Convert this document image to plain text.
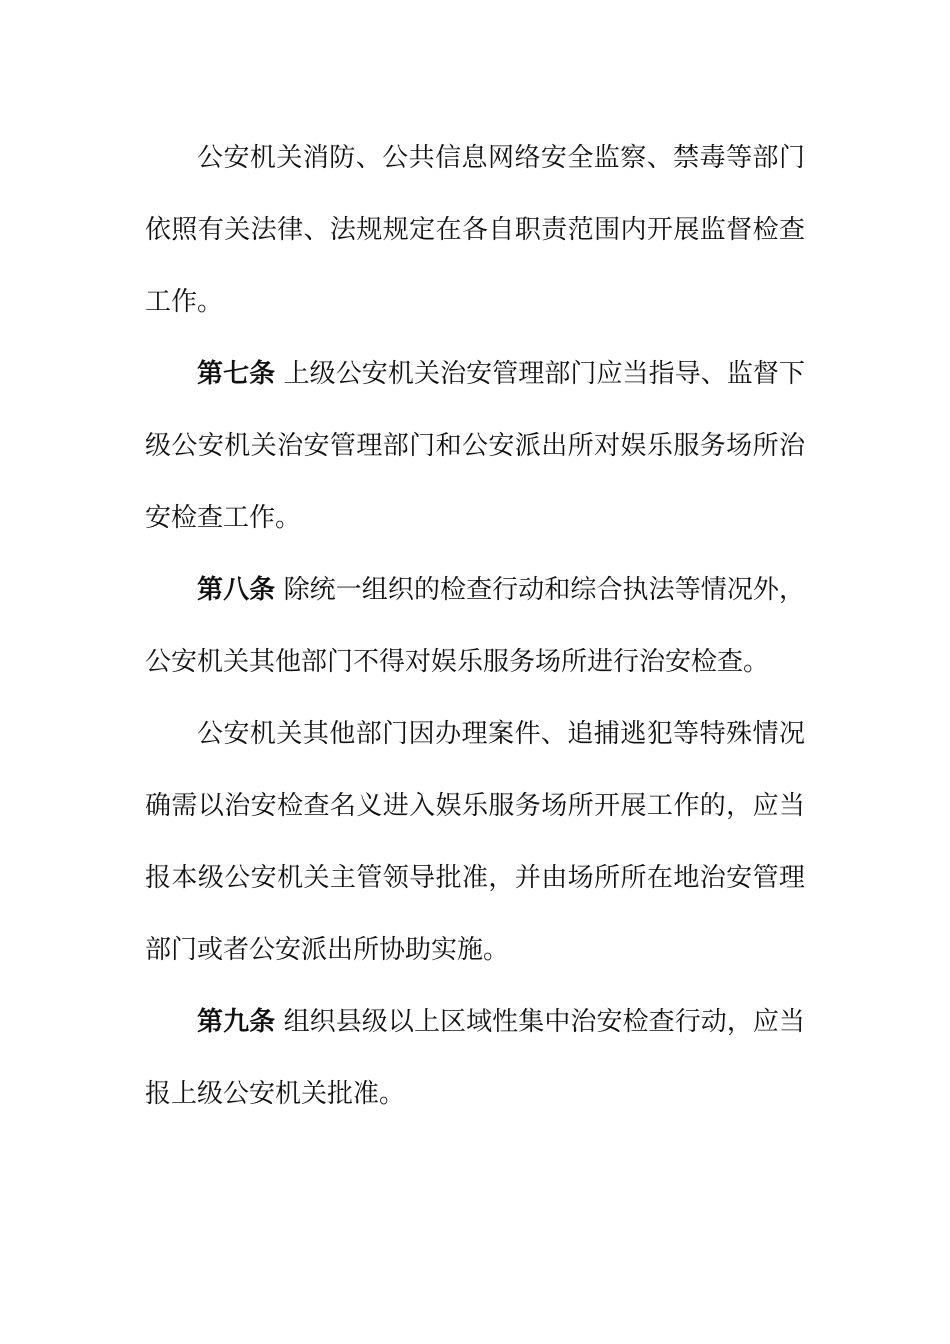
公安机关消防、公共信息网络安全监察、禁毒等部门依照有关法律、法规规定在各自职责范围内开展监督检查工作。

第七条 上级公安机关治安管理部门应当指导、监督下级公安机关治安管理部门和公安派出所对娱乐服务场所治安检查工作。

第八条 除统一组织的检查行动和综合执法等情况外，公安机关其他部门不得对娱乐服务场所进行治安检查。

公安机关其他部门因办理案件、追捕逃犯等特殊情况确需以治安检查名义进入娱乐服务场所开展工作的，应当报本级公安机关主管领导批准，并由场所所在地治安管理部门或者公安派出所协助实施。

第九条 组织县级以上区域性集中治安检查行动，应当报上级公安机关批准。
